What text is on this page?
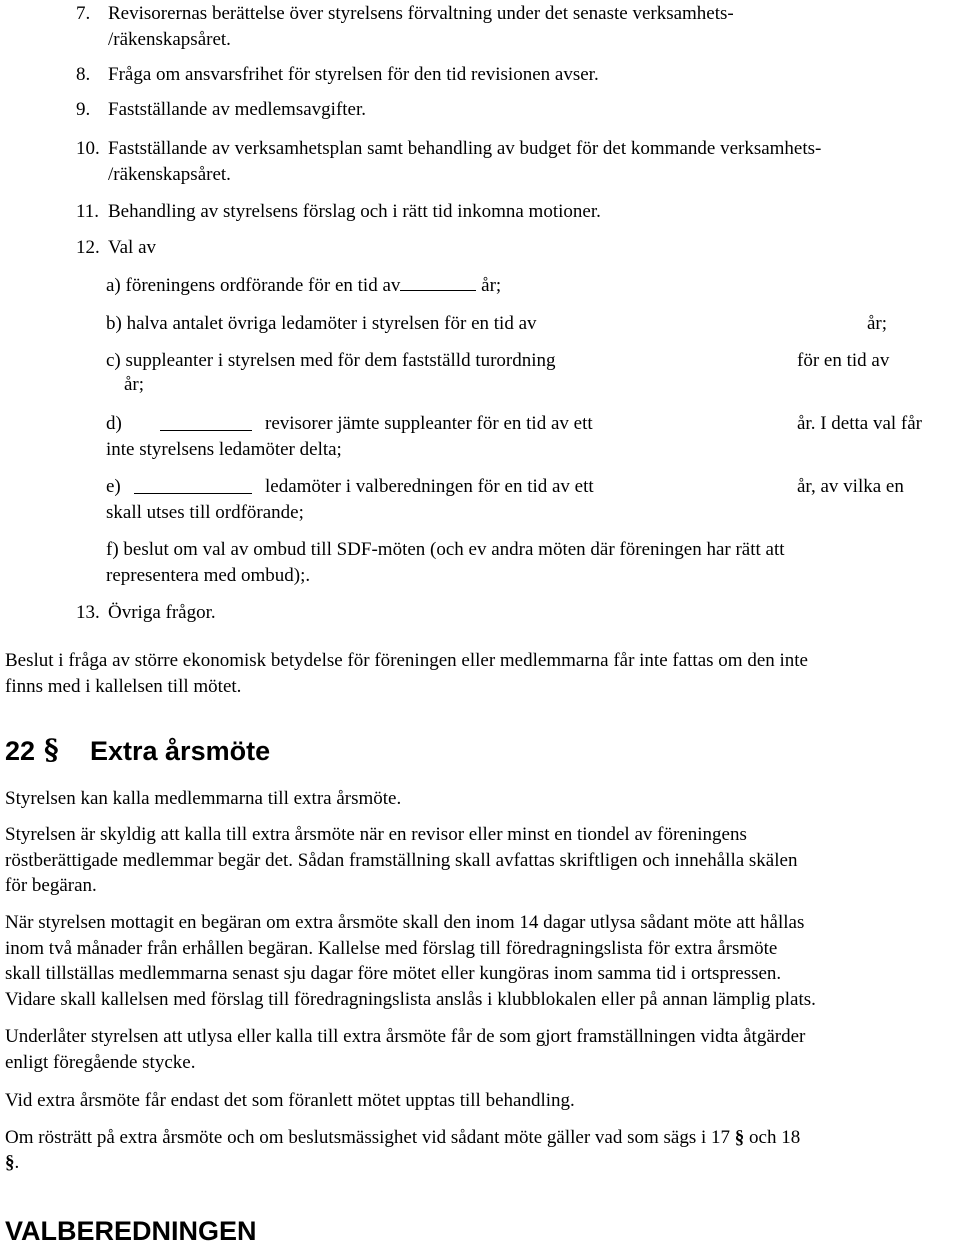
7. Revisorernas berättelse över styrelsens förvaltning under det senaste verksamhets-
/räkenskapsåret.
8. Fråga om ansvarsfrihet för styrelsen för den tid revisionen avser.
9. Fastställande av medlemsavgifter.
10. Fastställande av verksamhetsplan samt behandling av budget för det kommande verksamhets-
/räkenskapsåret.
11. Behandling av styrelsens förslag och i rätt tid inkomna motioner.
12. Val av
a) föreningens ordförande för en tid av	år;
b) halva antalet övriga ledamöter i styrelsen för en tid av	år;
c) suppleanter i styrelsen med för dem fastställd turordning	för en tid av
år;
d)	revisorer jämte suppleanter för en tid av ett	år. I detta val får
inte styrelsens ledamöter delta;
e)	ledamöter i valberedningen för en tid av ett	år, av vilka en
skall utses till ordförande;
f) beslut om val av ombud till SDF-möten (och ev andra möten där föreningen har rätt att
representera med ombud);.
13. Övriga frågor.
Beslut i fråga av större ekonomisk betydelse för föreningen eller medlemmarna får inte fattas om den inte
finns med i kallelsen till mötet.
22 § Extra årsmöte
Styrelsen kan kalla medlemmarna till extra årsmöte.
Styrelsen är skyldig att kalla till extra årsmöte när en revisor eller minst en tiondel av föreningens
röstberättigade medlemmar begär det. Sådan framställning skall avfattas skriftligen och innehålla skälen
för begäran.
När styrelsen mottagit en begäran om extra årsmöte skall den inom 14 dagar utlysa sådant möte att hållas
inom två månader från erhållen begäran. Kallelse med förslag till föredragningslista för extra årsmöte
skall tillställas medlemmarna senast sju dagar före mötet eller kungöras inom samma tid i ortspressen.
Vidare skall kallelsen med förslag till föredragningslista anslås i klubblokalen eller på annan lämplig plats.
Underlåter styrelsen att utlysa eller kalla till extra årsmöte får de som gjort framställningen vidta åtgärder
enligt föregående stycke.
Vid extra årsmöte får endast det som föranlett mötet upptas till behandling.
Om rösträtt på extra årsmöte och om beslutsmässighet vid sådant möte gäller vad som sägs i 17 § och 18
§.
VALBEREDNINGEN
